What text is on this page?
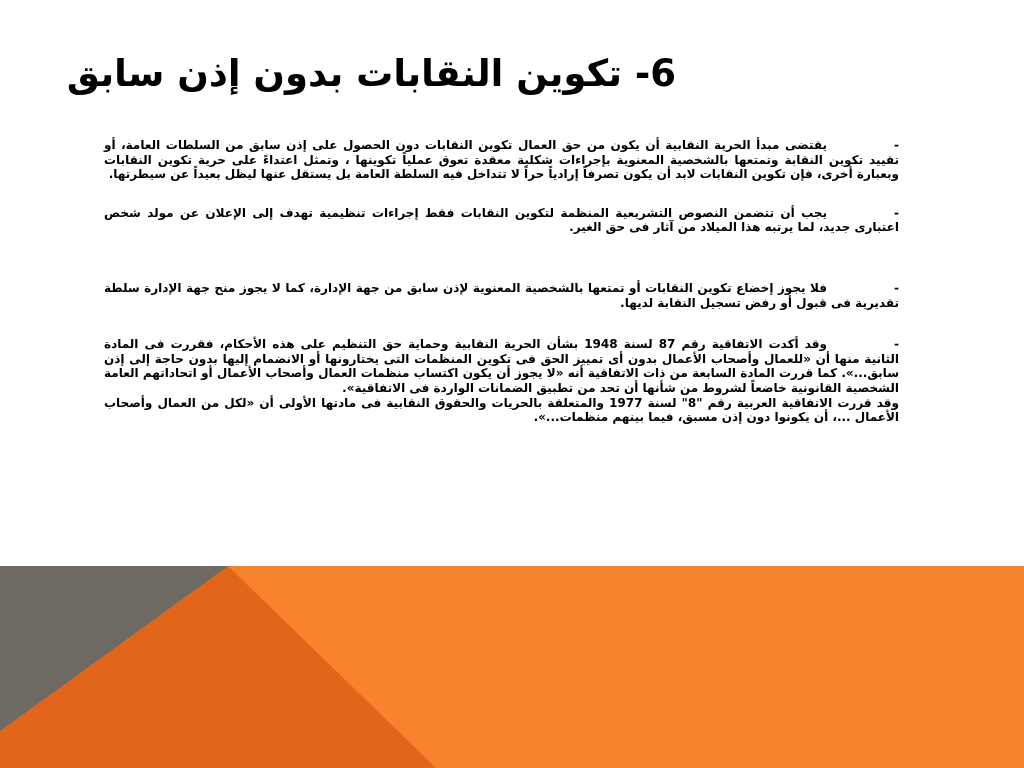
6- تكوين النقابات بدون إذن سابق

-يقتضى مبدأ الحرية النقابية أن يكون من حق العمال تكوين النقابات دون الحصول على إذن سابق من السلطات العامة، أو تقييد تكوين النقابة وتمتعها بالشخصية المعنوية بإجراءات شكلية معقدة تعوق عملياً تكوينها ، وتمثل اعتداءً على حرية تكوين النقابات وبعبارة أخرى، فإن تكوين النقابات لابد أن يكون تصرفاً إرادياً حراً لا تتداخل فيه السلطة العامة بل يستقل عنها ليظل بعيداً عن سيطرتها.

-يجب أن تتضمن النصوص التشريعية المنظمة لتكوين النقابات فقط إجراءات تنظيمية تهدف إلى الإعلان عن مولد شخص اعتبارى جديد، لما يرتبه هذا الميلاد من آثار فى حق الغير.

-فلا يجوز إخضاع تكوين النقابات أو تمتعها بالشخصية المعنوية لإذن سابق من جهة الإدارة، كما لا يجوز منح جهة الإدارة سلطة تقديرية فى قبول أو رفض تسجيل النقابة لديها.

-وقد أكدت الاتفاقية رقم 87 لسنة 1948 بشأن الحرية النقابية وحماية حق التنظيم على هذه الأحكام، فقررت فى المادة الثانية منها أن «للعمال وأصحاب الأعمال بدون أى تمييز الحق فى تكوين المنظمات التى يختارونها أو الانضمام إليها بدون حاجة إلى إذن سابق...». كما قررت المادة السابعة من ذات الاتفاقية أنه «لا يجوز أن يكون اكتساب منظمات العمال وأصحاب الأعمال أو اتحاداتهم العامة الشخصية القانونية خاضعاً لشروط من شأنها أن تحد من تطبيق الضمانات الواردة فى الاتفاقية».
وقد قررت الاتفاقية العربية رقم "8" لسنة 1977 والمتعلقة بالحريات والحقوق النقابية فى مادتها الأولى أن «لكل من العمال وأصحاب الأعمال ...، أن يكونوا دون إذن مسبق، فيما بينهم منظمات...».
